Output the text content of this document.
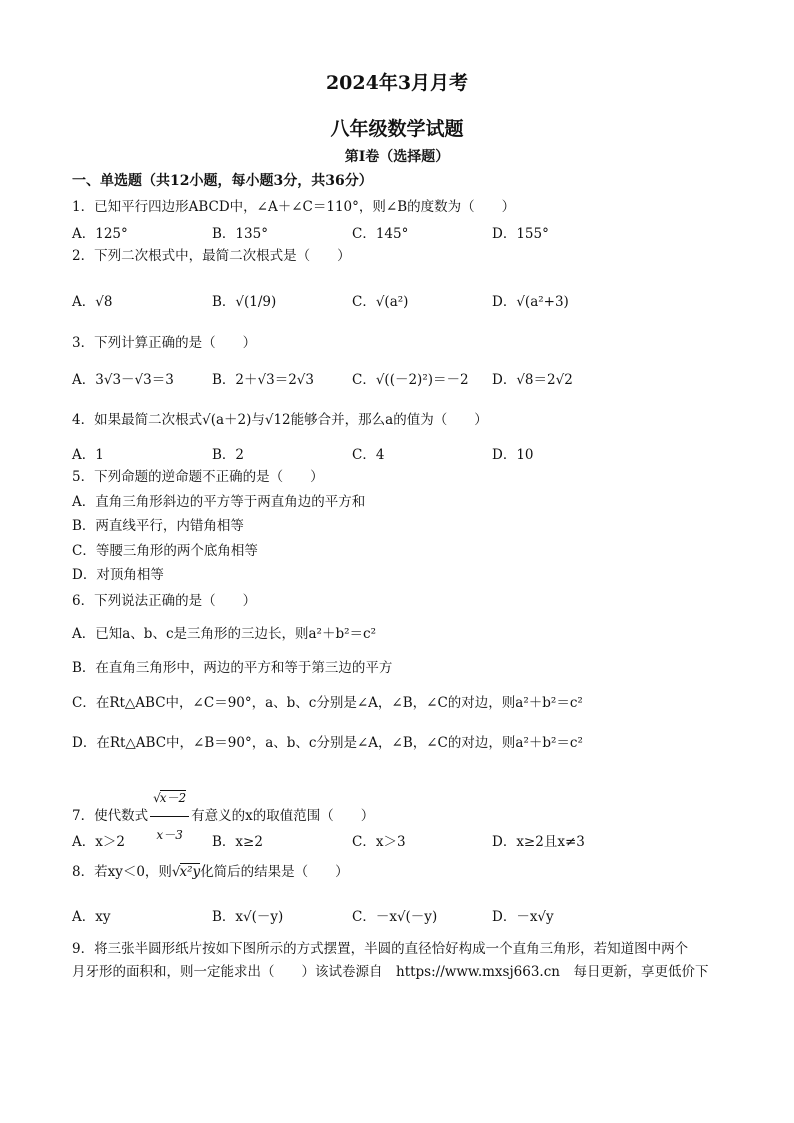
2024年3月月考
八年级数学试题
第Ⅰ卷（选择题）
一、单选题（共12小题，每小题3分，共36分）
1．已知平行四边形ABCD中，∠A＋∠C＝110°，则∠B的度数为（　　）
A．125°	B．135°	C．145°	D．155°
2．下列二次根式中，最简二次根式是（　　）
A．√8	B．√(1/9)	C．√(a²)	D．√(a²+3)
3．下列计算正确的是（　　）
A．3√3－√3＝3	B．2＋√3＝2√3	C．√((－2)²)＝－2 D．√8＝2√2
4．如果最简二次根式√(a＋2)与√12能够合并，那么a的值为（　　）
A．1	B．2	C．4	D．10
5．下列命题的逆命题不正确的是（　　）
A．直角三角形斜边的平方等于两直角边的平方和
B．两直线平行，内错角相等
C．等腰三角形的两个底角相等
D．对顶角相等
6．下列说法正确的是（　　）
A．已知a、b、c是三角形的三边长，则a²＋b²＝c²
B．在直角三角形中，两边的平方和等于第三边的平方
C．在Rt△ABC中，∠C＝90°，a、b、c分别是∠A，∠B，∠C的对边，则a²＋b²＝c²
D．在Rt△ABC中，∠B＝90°，a、b、c分别是∠A，∠B，∠C的对边，则a²＋b²＝c²
7．使代数式 $\frac{√x-2}{x-3}$ 有意义的x的取值范围（　　）
A．x＞2	B．x≥2	C．x＞3	D．x≥2且x≠3
8．若xy＜0，则√x²y化简后的结果是（　　）
A．xy	B．x√(－y)	C．－x√(－y)	D．－x√y
9．将三张半圆形纸片按如下图所示的方式摆置，半圆的直径恰好构成一个直角三角形，若知道图中两个
月牙形的面积和，则一定能求出（　　）该试卷源自　https://www.mxsj663.cn　每日更新，享更低价下
